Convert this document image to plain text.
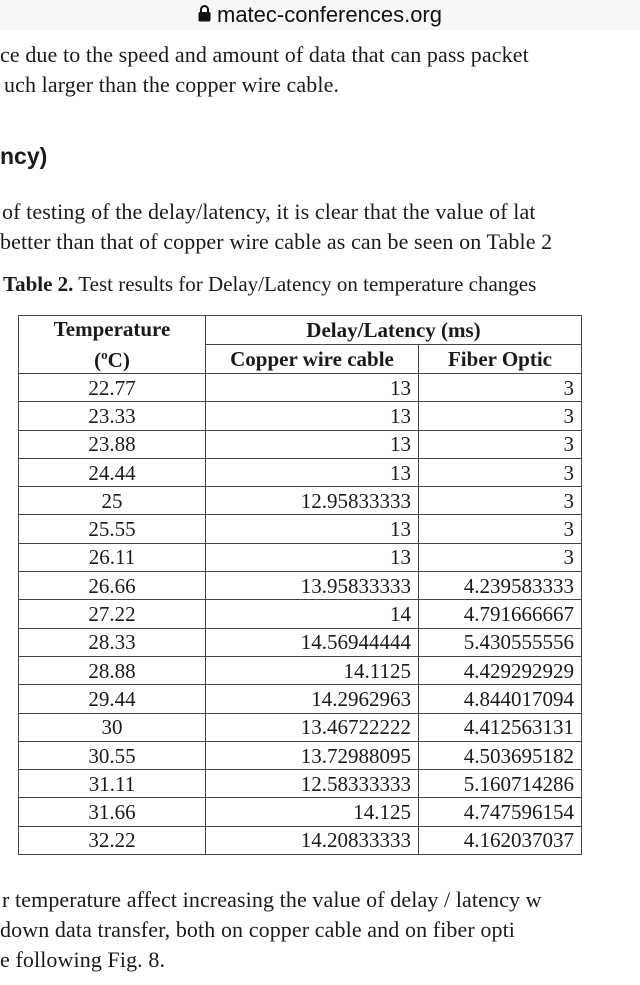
matec-conferences.org
ce due to the speed and amount of data that can pass packet
uch larger than the copper wire cable.
ncy)
of testing of the delay/latency, it is clear that the value of lat
better than that of copper wire cable as can be seen on Table 2
Table 2. Test results for Delay/Latency on temperature changes
Temperature
($^o$C)	Delay/Latency (ms)	
	Copper wire cable	Fiber Optic
22.77	13	3
23.33	13	3
23.88	13	3
24.44	13	3
25	12.95833333	3
25.55	13	3
26.11	13	3
26.66	13.95833333	4.239583333
27.22	14	4.791666667
28.33	14.56944444	5.430555556
28.88	14.1125	4.429292929
29.44	14.2962963	4.844017094
30	13.46722222	4.412563131
30.55	13.72988095	4.503695182
31.11	12.58333333	5.160714286
31.66	14.125	4.747596154
32.22	14.20833333	4.162037037
r temperature affect increasing the value of delay / latency w
down data transfer, both on copper cable and on fiber opti
e following Fig. 8.
